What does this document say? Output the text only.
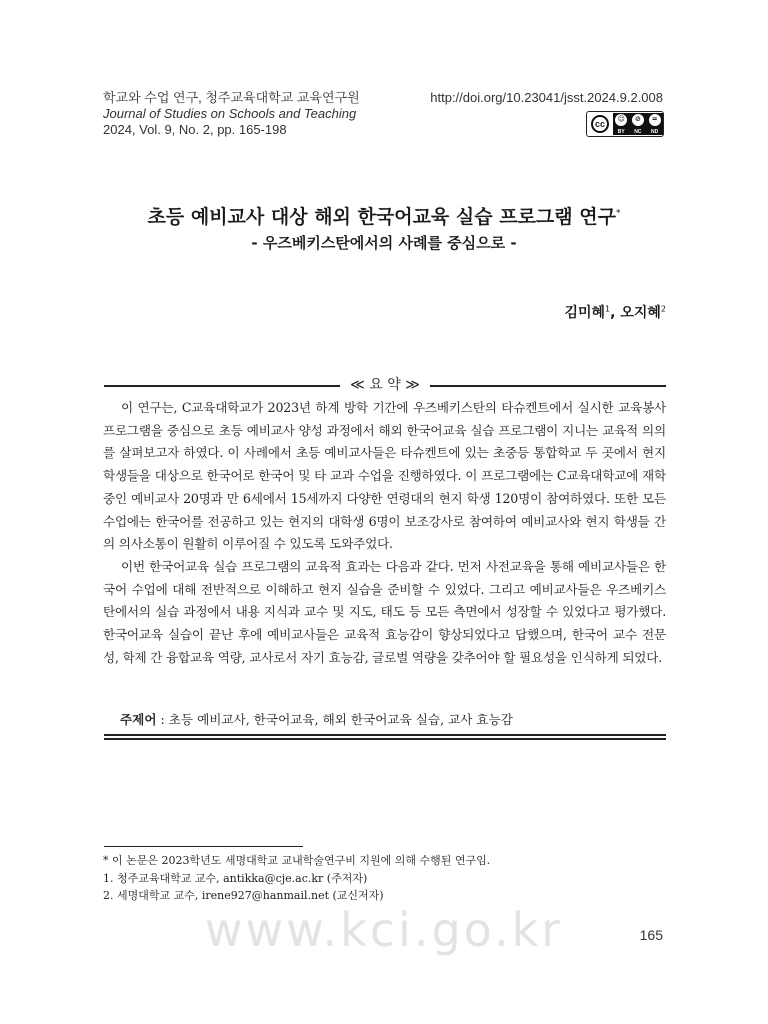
학교와 수업 연구, 청주교육대학교 교육연구원
Journal of Studies on Schools and Teaching
2024, Vol. 9, No. 2, pp. 165-198
http://doi.org/10.23041/jsst.2024.9.2.008
cc	☺	⊘	=
BY NC ND
초등 예비교사 대상 해외 한국어교육 실습 프로그램 연구*
- 우즈베키스탄에서의 사례를 중심으로 -
김미혜$^1$, 오지혜$^2$
≪ 요 약 ≫

이 연구는, C교육대학교가 2023년 하계 방학 기간에 우즈베키스탄의 타슈켄트에서 실시한 교육봉사 프로그램을 중심으로 초등 예비교사 양성 과정에서 해외 한국어교육 실습 프로그램이 지니는 교육적 의의를 살펴보고자 하였다. 이 사례에서 초등 예비교사들은 타슈켄트에 있는 초중등 통합학교 두 곳에서 현지 학생들을 대상으로 한국어로 한국어 및 타 교과 수업을 진행하였다. 이 프로그램에는 C교육대학교에 재학 중인 예비교사 20명과 만 6세에서 15세까지 다양한 연령대의 현지 학생 120명이 참여하였다. 또한 모든 수업에는 한국어를 전공하고 있는 현지의 대학생 6명이 보조강사로 참여하여 예비교사와 현지 학생들 간의 의사소통이 원활히 이루어질 수 있도록 도와주었다.

이번 한국어교육 실습 프로그램의 교육적 효과는 다음과 같다. 먼저 사전교육을 통해 예비교사들은 한국어 수업에 대해 전반적으로 이해하고 현지 실습을 준비할 수 있었다. 그리고 예비교사들은 우즈베키스탄에서의 실습 과정에서 내용 지식과 교수 및 지도, 태도 등 모든 측면에서 성장할 수 있었다고 평가했다. 한국어교육 실습이 끝난 후에 예비교사들은 교육적 효능감이 향상되었다고 답했으며, 한국어 교수 전문성, 학제 간 융합교육 역량, 교사로서 자기 효능감, 글로벌 역량을 갖추어야 할 필요성을 인식하게 되었다.

주제어 : 초등 예비교사, 한국어교육, 해외 한국어교육 실습, 교사 효능감
* 이 논문은 2023학년도 세명대학교 교내학술연구비 지원에 의해 수행된 연구임.
1. 청주교육대학교 교수, antikka@cje.ac.kr (주저자)
2. 세명대학교 교수, irene927@hanmail.net (교신저자)
www.kci.go.kr	165
